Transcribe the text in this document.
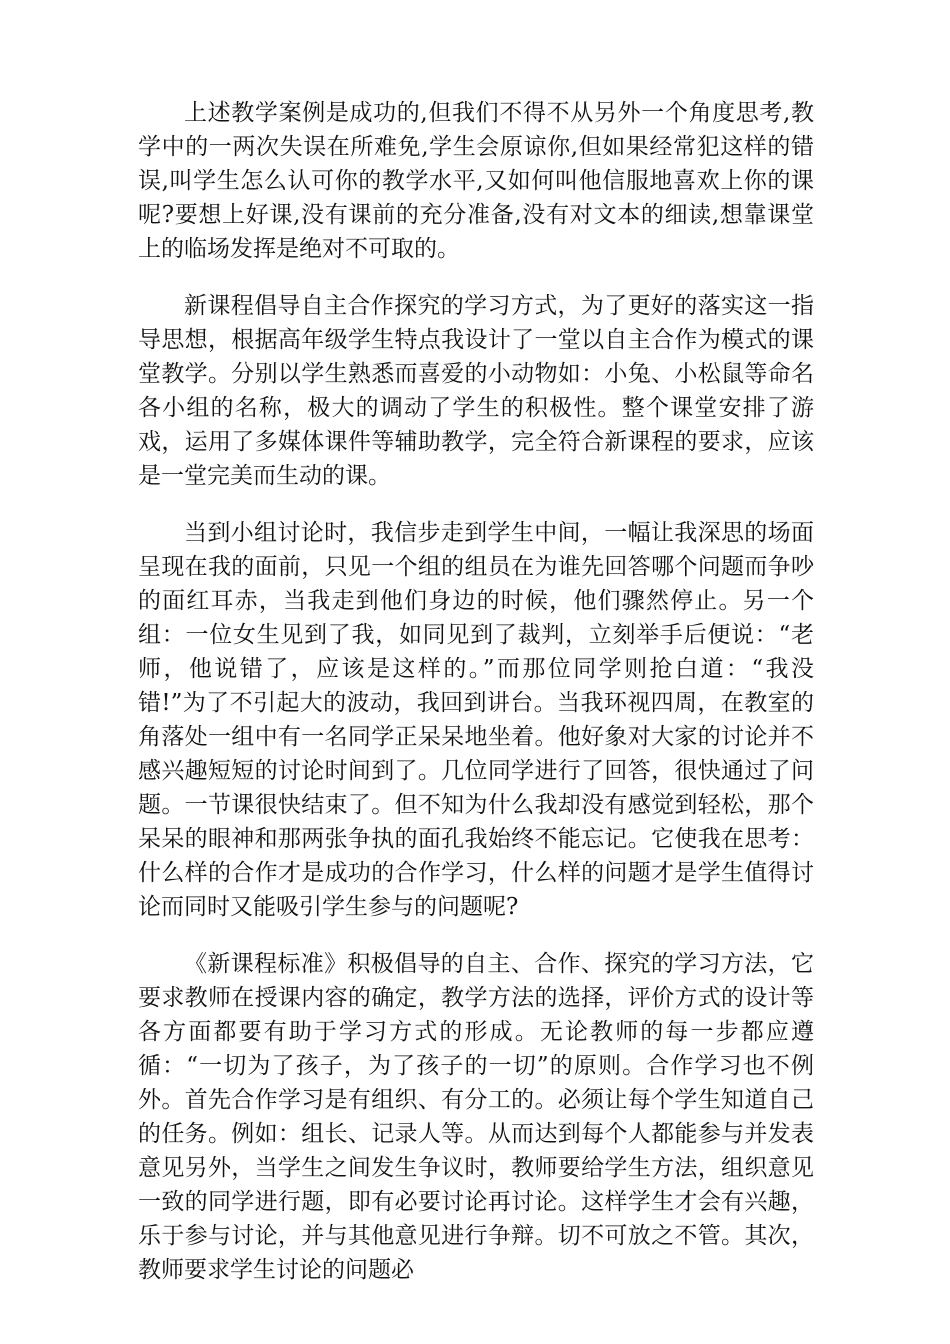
上述教学案例是成功的,但我们不得不从另外一个角度思考,教学中的一两次失误在所难免,学生会原谅你,但如果经常犯这样的错误,叫学生怎么认可你的教学水平,又如何叫他信服地喜欢上你的课呢?要想上好课,没有课前的充分准备,没有对文本的细读,想靠课堂上的临场发挥是绝对不可取的。

新课程倡导自主合作探究的学习方式，为了更好的落实这一指导思想，根据高年级学生特点我设计了一堂以自主合作为模式的课堂教学。分别以学生熟悉而喜爱的小动物如：小兔、小松鼠等命名各小组的名称，极大的调动了学生的积极性。整个课堂安排了游戏，运用了多媒体课件等辅助教学，完全符合新课程的要求，应该是一堂完美而生动的课。

当到小组讨论时，我信步走到学生中间，一幅让我深思的场面呈现在我的面前，只见一个组的组员在为谁先回答哪个问题而争吵的面红耳赤，当我走到他们身边的时候，他们骤然停止。另一个组：一位女生见到了我，如同见到了裁判，立刻举手后便说：“老师，他说错了，应该是这样的。”而那位同学则抢白道：“我没错!”为了不引起大的波动，我回到讲台。当我环视四周，在教室的角落处一组中有一名同学正呆呆地坐着。他好象对大家的讨论并不感兴趣短短的讨论时间到了。几位同学进行了回答，很快通过了问题。一节课很快结束了。但不知为什么我却没有感觉到轻松，那个呆呆的眼神和那两张争执的面孔我始终不能忘记。它使我在思考：什么样的合作才是成功的合作学习，什么样的问题才是学生值得讨论而同时又能吸引学生参与的问题呢?

《新课程标准》积极倡导的自主、合作、探究的学习方法，它要求教师在授课内容的确定，教学方法的选择，评价方式的设计等各方面都要有助于学习方式的形成。无论教师的每一步都应遵循：“一切为了孩子，为了孩子的一切”的原则。合作学习也不例外。首先合作学习是有组织、有分工的。必须让每个学生知道自己的任务。例如：组长、记录人等。从而达到每个人都能参与并发表意见另外，当学生之间发生争议时，教师要给学生方法，组织意见一致的同学进行题，即有必要讨论再讨论。这样学生才会有兴趣，乐于参与讨论，并与其他意见进行争辩。切不可放之不管。其次，教师要求学生讨论的问题必
